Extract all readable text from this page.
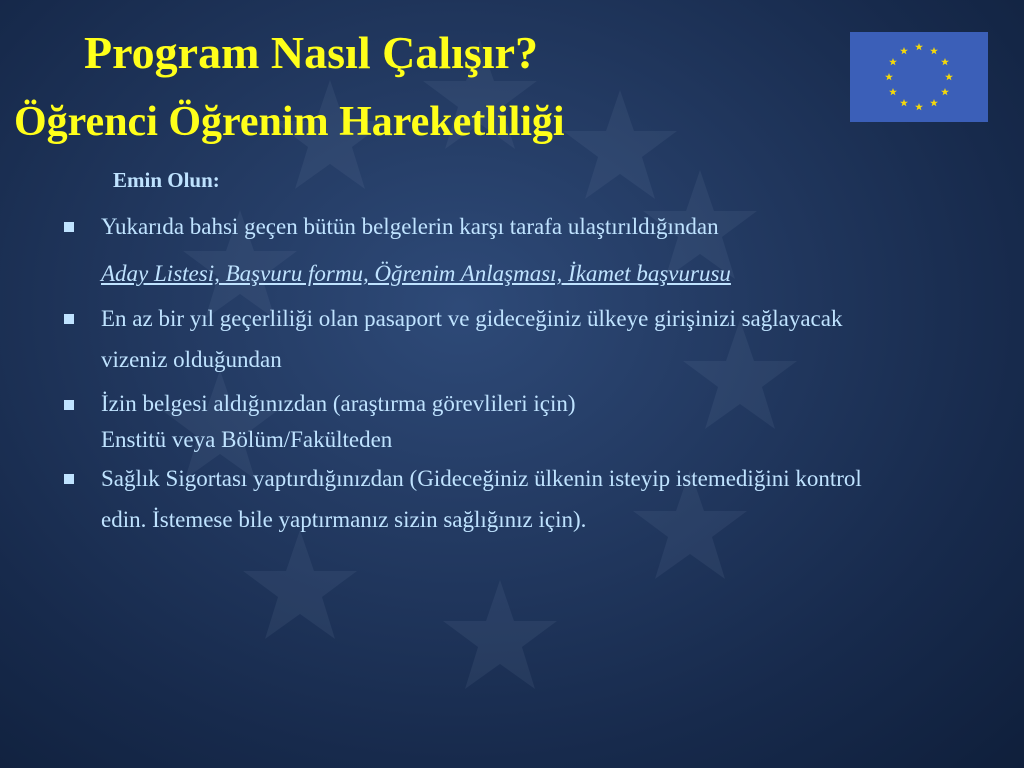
Program Nasıl Çalışır?
Öğrenci Öğrenim Hareketliliği
Emin Olun:
Yukarıda bahsi geçen bütün belgelerin karşı tarafa ulaştırıldığından
Aday Listesi, Başvuru formu, Öğrenim Anlaşması, İkamet başvurusu
En az bir yıl geçerliliği olan pasaport ve gideceğiniz ülkeye girişinizi sağlayacak vizeniz olduğundan
İzin belgesi aldığınızdan (araştırma görevlileri için)
Enstitü veya Bölüm/Fakülteden
Sağlık Sigortası yaptırdığınızdan (Gideceğiniz ülkenin isteyip istemediğini kontrol edin. İstemese bile yaptırmanız sizin sağlığınız için).
